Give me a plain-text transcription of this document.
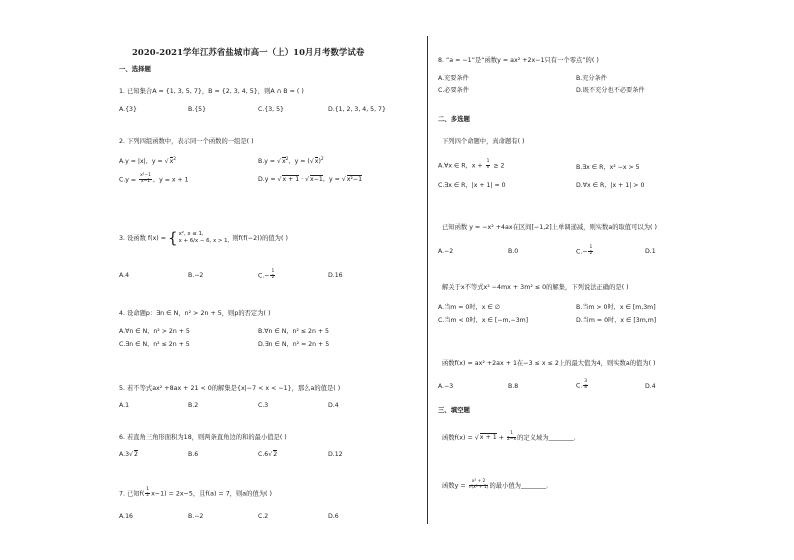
2020-2021学年江苏省盐城市高一（上）10月月考数学试卷
一、选择题
1. 已知集合A = {1, 3, 5, 7}，B = {2, 3, 4, 5}，则A ∩ B = ( )
A.{3}	B.{5}	C.{3, 5}	D.{1, 2, 3, 4, 5, 7}
2. 下列四组函数中，表示同一个函数的一组是( )
A.y = |x|，$y = √x^2$	$B.y = √x^2$，$y = (√x)^2$
$C.y = \frac{\text{x²−1}}{x-1}$ ，y = x + 1	D.y = √x + 1 · √x−1，y = √x²−1
3. 设函数 f(x) = { x², x ≤ 1,
x + 6/x − 6, x > 1, 则f(f(−2))的值为( )
A.4	B.−2	$C.- \frac{1}{2}$	D.16
4. 设命题p：∃n ∈ N，n² > 2n + 5，则p的否定为( )
A.∀n ∈ N，n² > 2n + 5	B.∀n ∈ N，n² ≤ 2n + 5
C.∃n ∈ N，n² ≤ 2n + 5	D.∃n ∈ N，n² = 2n + 5
5. 若不等式ax² +8ax + 21 < 0的解集是{x|−7 < x < −1}，那么a的值是( )
A.1	B.2	C.3	D.4
6. 若直角三角形面积为18，则两条直角边的和的最小值是( )
A.3√2	B.6	C.6√2	D.12
7. 已知$f( \frac{1}{2} x-1) = 2x-5$，且f(a) = 7，则a的值为( )
A.16	B.−2	C.2	D.6
8. “a = −1”是“函数y = ax² +2x−1只有一个零点”的( )
A.充要条件	B.充分条件
C.必要条件	D.既不充分也不必要条件
二、多选题
下列四个命题中，真命题有( )
A.∀x ∈ R，$x + \frac{1}{x} \ge 2$	B.∃x ∈ R，x² −x > 5
C.∃x ∈ R，|x + 1| = 0	D.∀x ∈ R，|x + 1| > 0
已知函数 y = −x² +4ax在区间[−1,2]上单调递减，则实数a的取值可以为( )
A.−2	B.0	$C.- \frac{1}{2}$	D.1
解关于x不等式x² −4mx + 3m² ≤ 0的解集，下列说法正确的是( )
A.当m = 0时，x ∈ ∅	B.当m > 0时，x ∈ [m,3m]
C.当m < 0时，x ∈ [−m,−3m]	D.当m = 0时，x ∈ [3m,m]
函数f(x) = ax² +2ax + 1在−3 ≤ x ≤ 2上的最大值为4，则实数a的值为( )
A.−3	B.8	C. $\frac{3}{8}$	D.4
三、填空题
函数$f(x) = √x + 1 + \frac{1}{2-x}$ 的定义域为________.
函数$y = \frac{\text{x² + 2}}{\text{√(x² + 1)}}$ 的最小值为________.
